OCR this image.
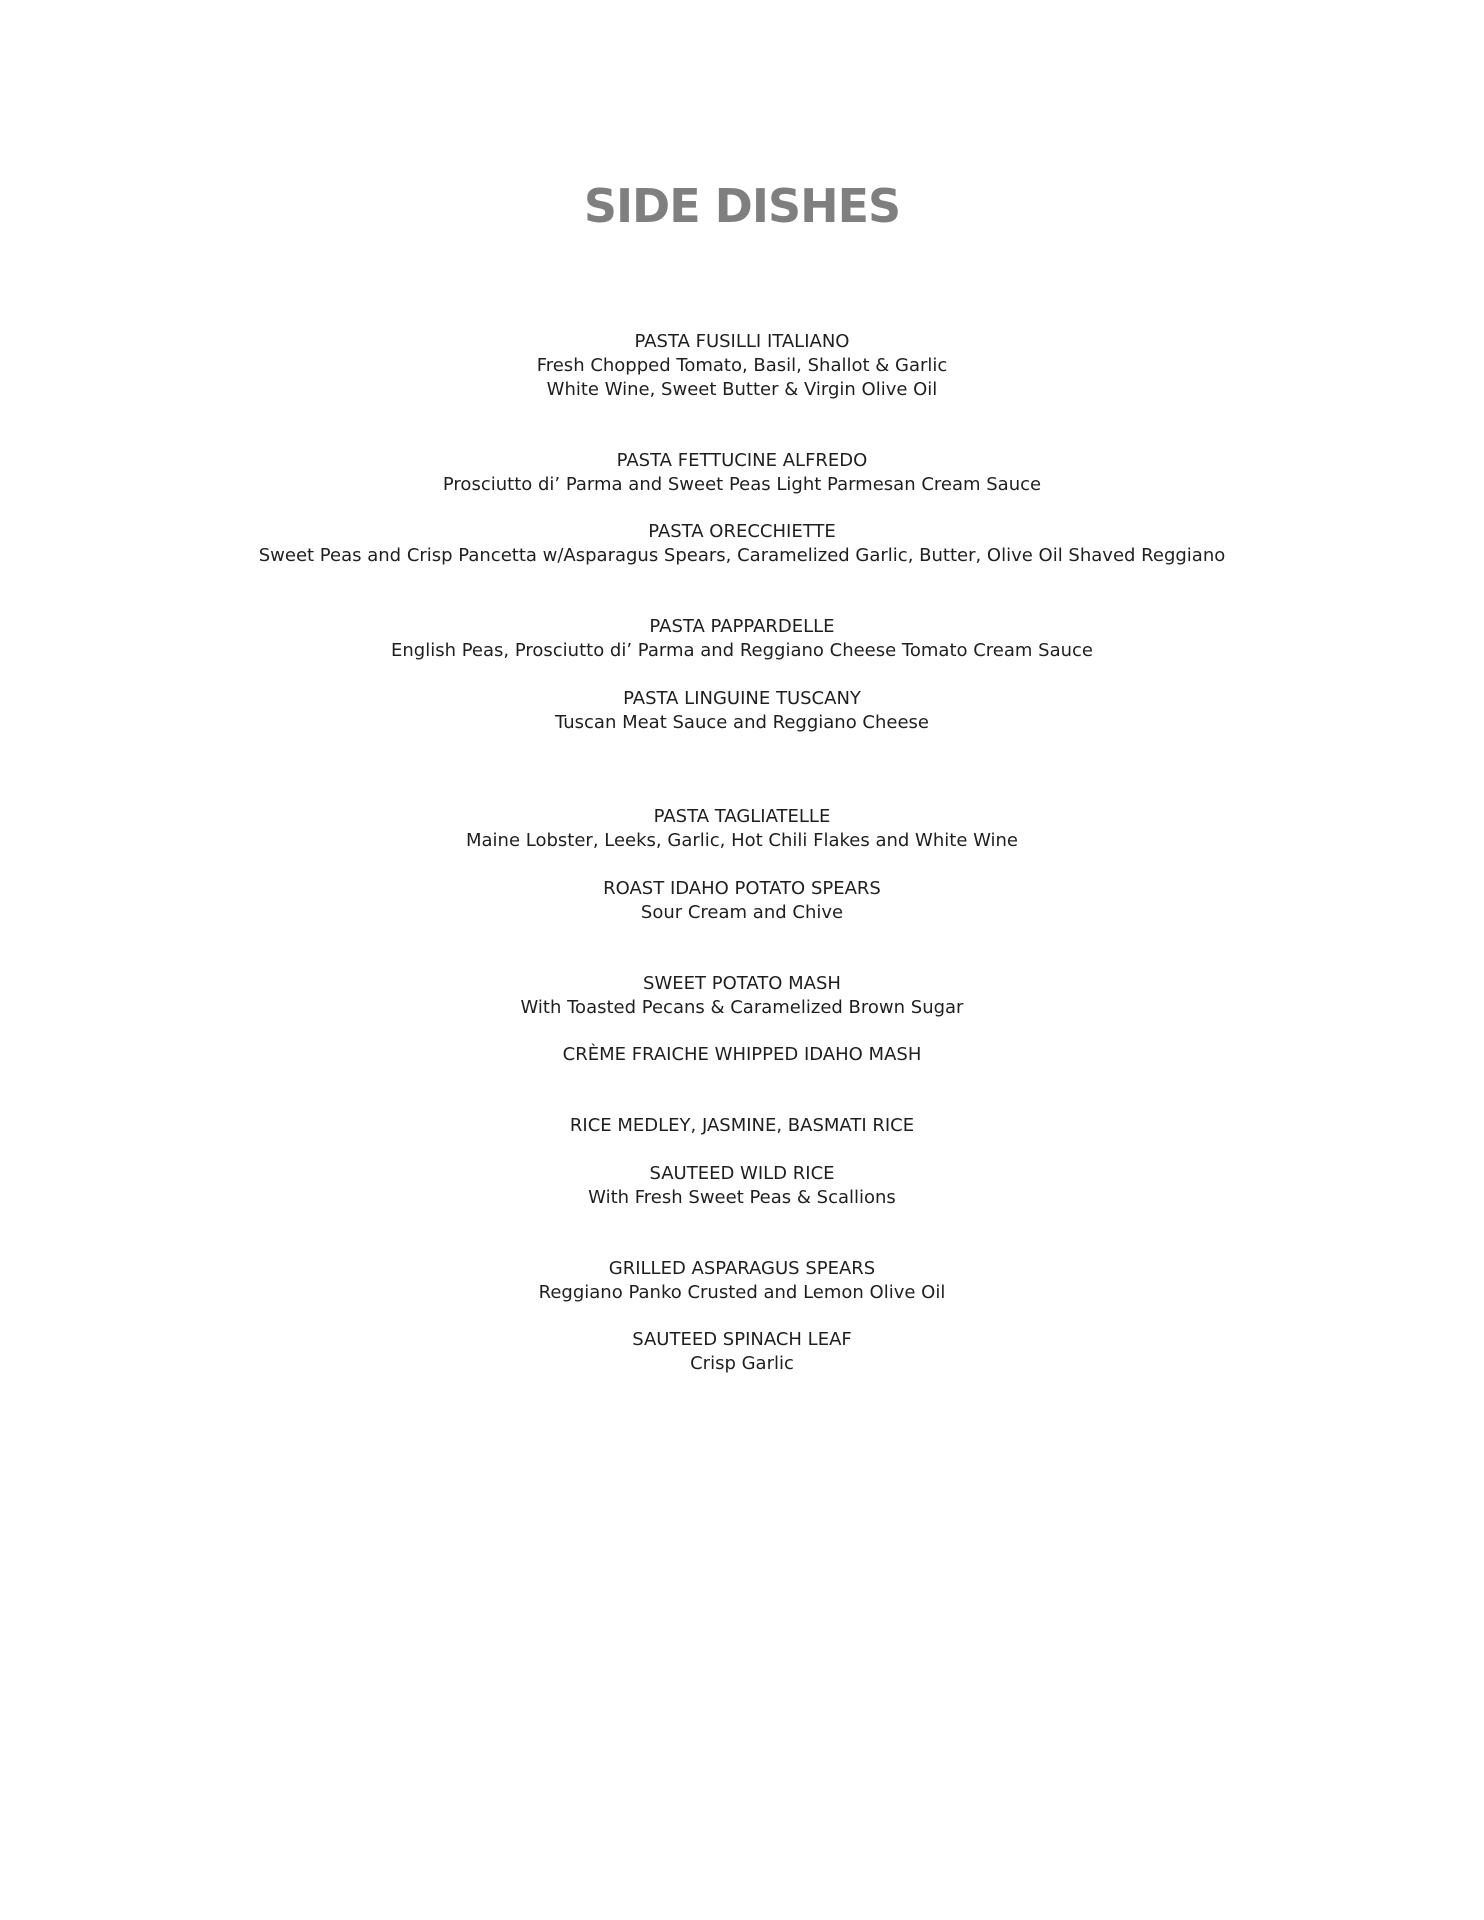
SIDE DISHES
PASTA FUSILLI ITALIANO
Fresh Chopped Tomato, Basil, Shallot & Garlic
White Wine, Sweet Butter & Virgin Olive Oil
PASTA FETTUCINE ALFREDO
Prosciutto di’ Parma and Sweet Peas Light Parmesan Cream Sauce
PASTA ORECCHIETTE
Sweet Peas and Crisp Pancetta w/Asparagus Spears, Caramelized Garlic, Butter, Olive Oil Shaved Reggiano
PASTA PAPPARDELLE
English Peas, Prosciutto di’ Parma and Reggiano Cheese Tomato Cream Sauce
PASTA LINGUINE TUSCANY
Tuscan Meat Sauce and Reggiano Cheese
PASTA TAGLIATELLE
Maine Lobster, Leeks, Garlic, Hot Chili Flakes and White Wine
ROAST IDAHO POTATO SPEARS
Sour Cream and Chive
SWEET POTATO MASH
With Toasted Pecans & Caramelized Brown Sugar
CRÈME FRAICHE WHIPPED IDAHO MASH
RICE MEDLEY, JASMINE, BASMATI RICE
SAUTEED WILD RICE
With Fresh Sweet Peas & Scallions
GRILLED ASPARAGUS SPEARS
Reggiano Panko Crusted and Lemon Olive Oil
SAUTEED SPINACH LEAF
Crisp Garlic
